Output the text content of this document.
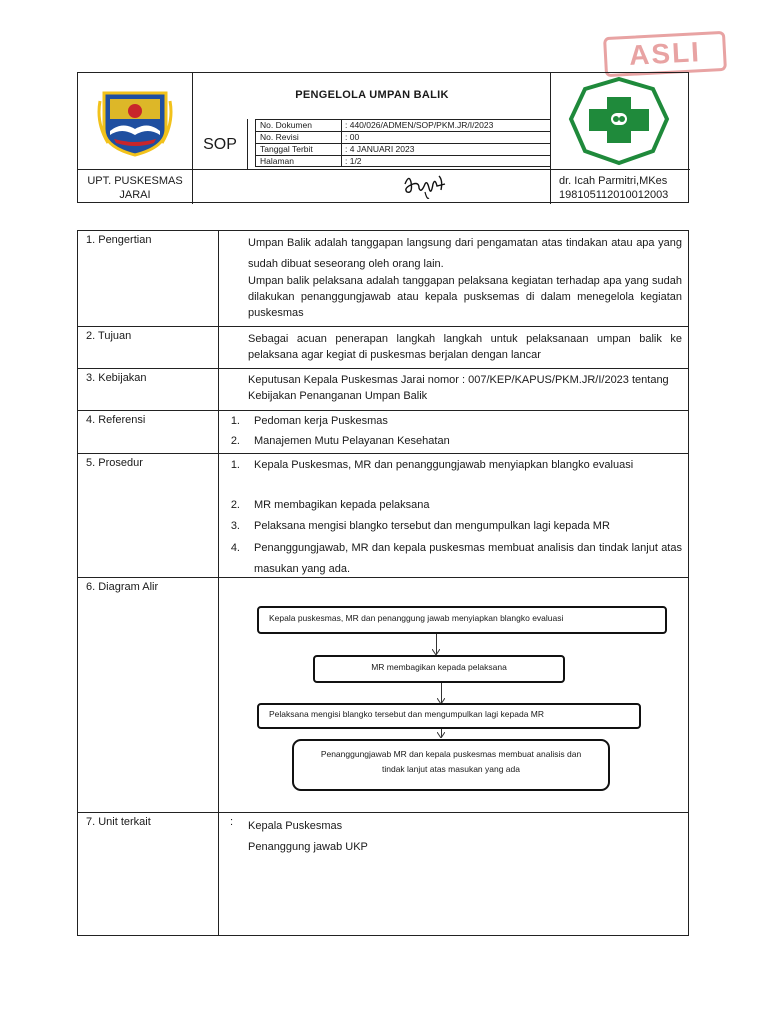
ASLI
PENGELOLA UMPAN BALIK
SOP
No. Dokumen	: 440/026/ADMEN/SOP/PKM.JR/I/2023
No. Revisi	: 00
Tanggal Terbit	: 4 JANUARI 2023
Halaman	: 1/2
UPT. PUSKESMAS
JARAI
dr. Icah Parmitri,MKes
198105112010012003
1. Pengertian	Umpan Balik adalah tanggapan langsung dari pengamatan atas tindakan atau apa yang sudah dibuat seseorang oleh orang lain.
Umpan balik pelaksana adalah tanggapan pelaksana kegiatan terhadap apa yang sudah dilakukan penanggungjawab atau kepala pusksemas di dalam menegelola kegiatan puskesmas
2. Tujuan	Sebagai acuan penerapan langkah langkah untuk pelaksanaan umpan balik ke pelaksana agar kegiat di puskesmas berjalan dengan lancar
3. Kebijakan	Keputusan Kepala Puskesmas Jarai nomor : 007/KEP/KAPUS/PKM.JR/I/2023 tentang Kebijakan Penanganan Umpan Balik
4. Referensi	1. Pedoman kerja Puskesmas
2. Manajemen Mutu Pelayanan Kesehatan
5. Prosedur	1. Kepala Puskesmas, MR dan penanggungjawab menyiapkan blangko evaluasi
2. MR membagikan kepada pelaksana
3. Pelaksana mengisi blangko tersebut dan mengumpulkan lagi kepada MR
4. Penanggungjawab, MR dan kepala puskesmas membuat analisis dan tindak lanjut atas masukan yang ada.
6. Diagram Alir
Kepala puskesmas, MR dan penanggung jawab menyiapkan blangko evaluasi
MR membagikan kepada pelaksana
Pelaksana mengisi blangko tersebut dan mengumpulkan lagi kepada MR
Penanggungjawab MR dan kepala puskesmas membuat analisis dan tindak lanjut atas masukan yang ada
7. Unit terkait	: Kepala Puskesmas
Penanggung jawab UKP
